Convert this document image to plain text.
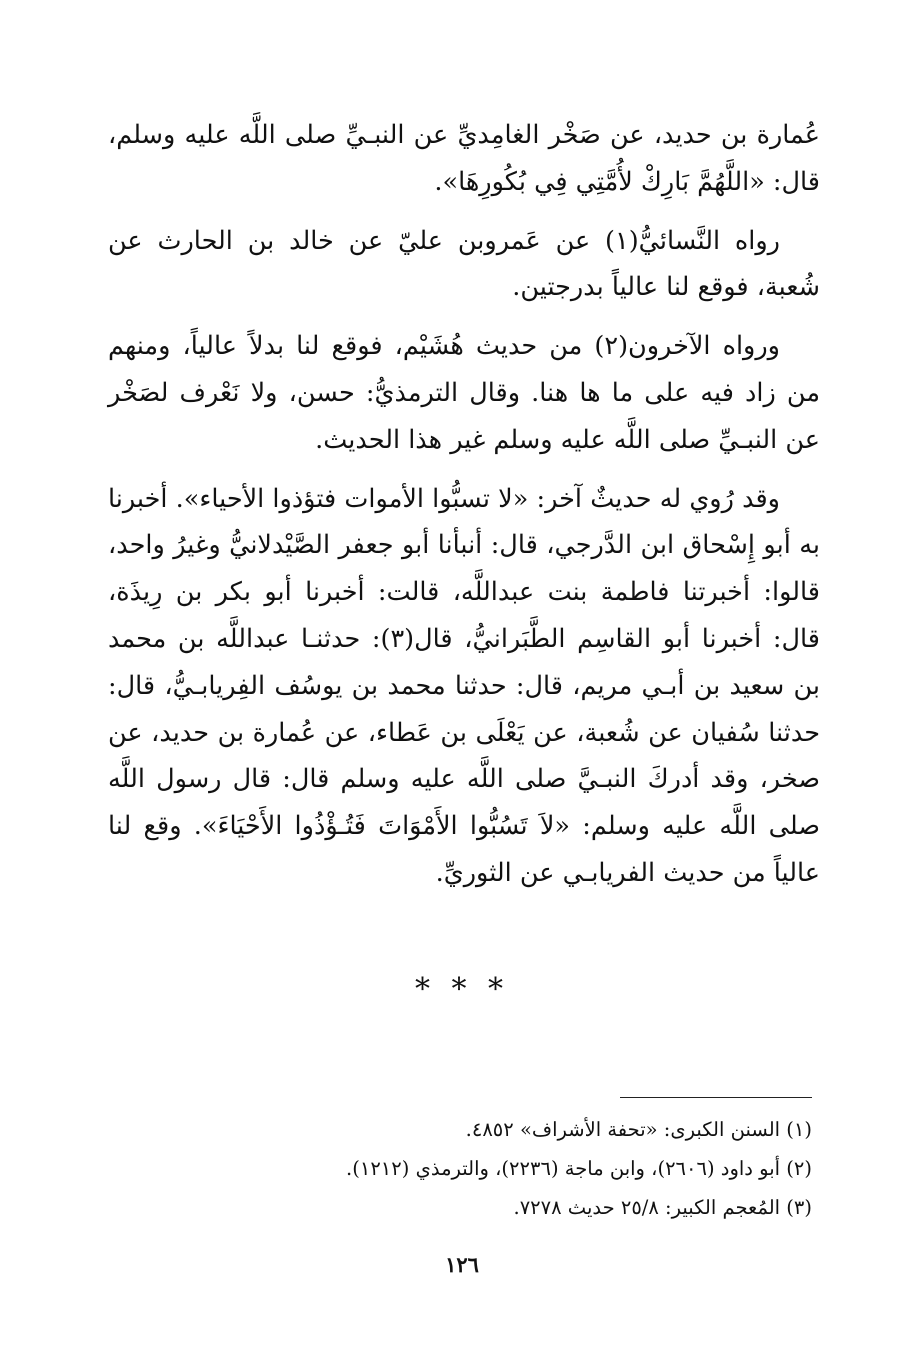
عُمارة بن حديد، عن صَخْر الغامِديِّ عن النبـيِّ صلى اللَّه عليه وسلم، قال: «اللَّهُمَّ بَارِكْ لأُمَّتِي فِي بُكُورِهَا».

رواه النَّسائيُّ(١) عن عَمروبن عليّ عن خالد بن الحارث عن شُعبة، فوقع لنا عالياً بدرجتين.

ورواه الآخرون(٢) من حديث هُشَيْم، فوقع لنا بدلاً عالياً، ومنهم من زاد فيه على ما ها هنا. وقال الترمذيُّ: حسن، ولا نَعْرف لصَخْر عن النبـيِّ صلى اللَّه عليه وسلم غير هذا الحديث.

وقد رُوي له حديثٌ آخر: «لا تسبُّوا الأموات فتؤذوا الأحياء». أخبرنا به أبو إِسْحاق ابن الدَّرجي، قال: أنبأنا أبو جعفر الصَّيْدلانيُّ وغيرُ واحد، قالوا: أخبرتنا فاطمة بنت عبداللَّه، قالت: أخبرنا أبو بكر بن رِيذَة، قال: أخبرنا أبو القاسِم الطَّبَرانيُّ، قال(٣): حدثنـا عبداللَّه بن محمد بن سعيد بن أبـي مريم، قال: حدثنا محمد بن يوسُف الفِريابـيُّ، قال: حدثنا سُفيان عن شُعبة، عن يَعْلَى بن عَطاء، عن عُمارة بن حديد، عن صخر، وقد أدركَ النبـيَّ صلى اللَّه عليه وسلم قال: قال رسول اللَّه صلى اللَّه عليه وسلم: «لاَ تَسُبُّوا الأَمْوَاتَ فَتُـؤْذُوا الأَحْيَاءَ». وقع لنا عالياً من حديث الفريابـي عن الثوريِّ.

* * *
(١) السنن الكبرى: «تحفة الأشراف» ٤٨٥٢.
(٢) أبو داود (٢٦٠٦)، وابن ماجة (٢٢٣٦)، والترمذي (١٢١٢).
(٣) المُعجم الكبير: ٢٥/٨ حديث ٧٢٧٨.
١٢٦
